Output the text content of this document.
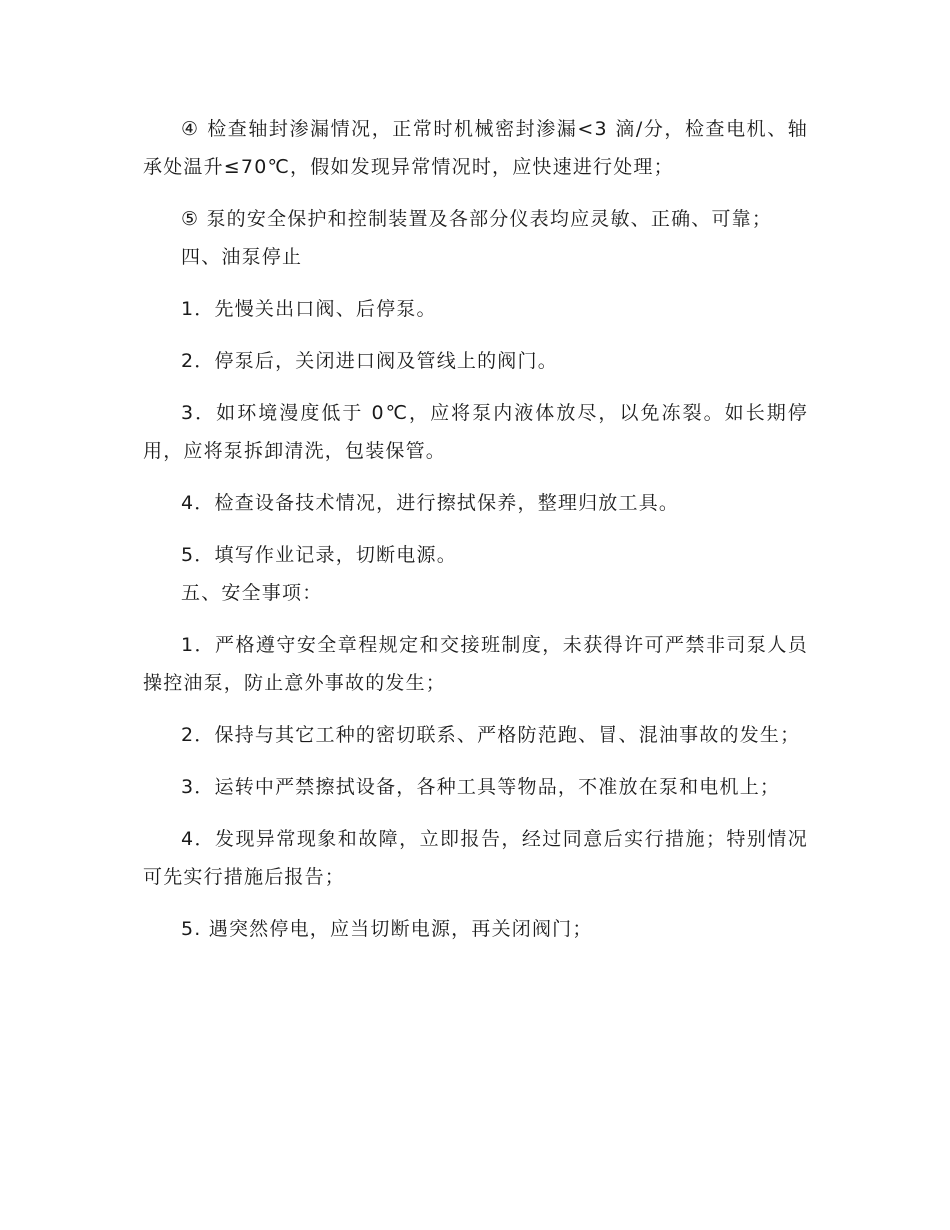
④ 检查轴封渗漏情况，正常时机械密封渗漏<3 滴/分，检查电机、轴承处温升≤70℃，假如发现异常情况时，应快速进行处理；

⑤ 泵的安全保护和控制装置及各部分仪表均应灵敏、正确、可靠；

四、油泵停止

1．先慢关出口阀、后停泵。

2．停泵后，关闭进口阀及管线上的阀门。

3．如环境漫度低于 0℃，应将泵内液体放尽，以免冻裂。如长期停用，应将泵拆卸清洗，包装保管。

4．检查设备技术情况，进行擦拭保养，整理归放工具。

5．填写作业记录，切断电源。

五、安全事项：

1．严格遵守安全章程规定和交接班制度，未获得许可严禁非司泵人员操控油泵，防止意外事故的发生；

2．保持与其它工种的密切联系、严格防范跑、冒、混油事故的发生；

3．运转中严禁擦拭设备，各种工具等物品，不准放在泵和电机上；

4．发现异常现象和故障，立即报告，经过同意后实行措施；特别情况可先实行措施后报告；

5. 遇突然停电，应当切断电源，再关闭阀门；
